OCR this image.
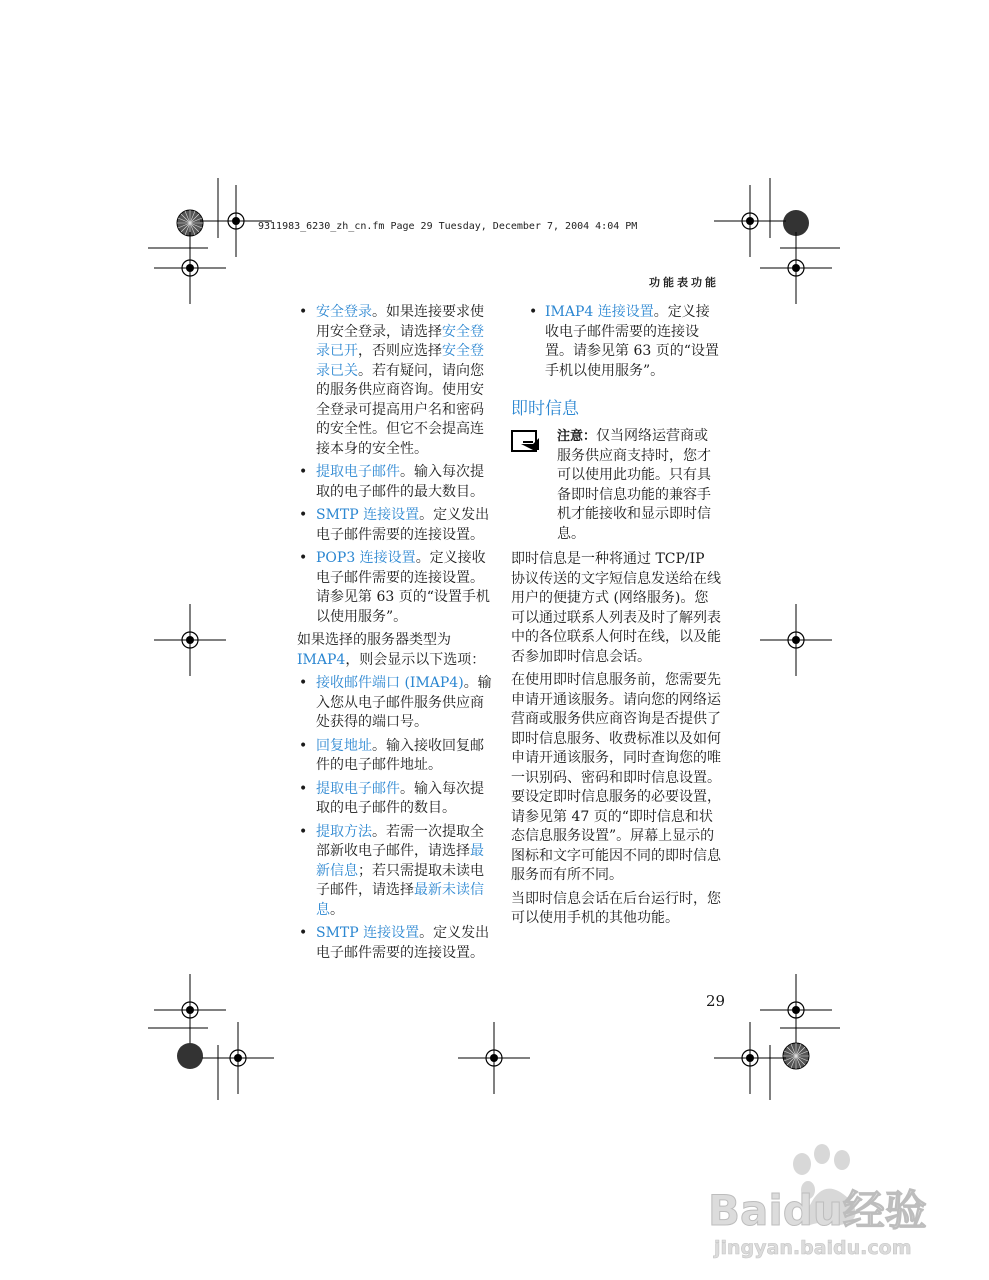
9311983_6230_zh_cn.fm Page 29 Tuesday, December 7, 2004 4:04 PM
功能表功能
• 安全登录。如果连接要求使用安全登录，请选择安全登录已开，否则应选择安全登录已关。若有疑问，请向您的服务供应商咨询。使用安全登录可提高用户名和密码的安全性。但它不会提高连接本身的安全性。
• 提取电子邮件。输入每次提取的电子邮件的最大数目。
• SMTP 连接设置。定义发出电子邮件需要的连接设置。
• POP3 连接设置。定义接收电子邮件需要的连接设置。请参见第 63 页的“设置手机以使用服务”。

如果选择的服务器类型为IMAP4，则会显示以下选项：

• 接收邮件端口 (IMAP4)。输入您从电子邮件服务供应商处获得的端口号。
• 回复地址。输入接收回复邮件的电子邮件地址。
• 提取电子邮件。输入每次提取的电子邮件的数目。
• 提取方法。若需一次提取全部新收电子邮件，请选择最新信息；若只需提取未读电子邮件，请选择最新未读信息。
• SMTP 连接设置。定义发出电子邮件需要的连接设置。
• IMAP4 连接设置。定义接收电子邮件需要的连接设置。请参见第 63 页的“设置手机以使用服务”。
即时信息
注意：仅当网络运营商或服务供应商支持时，您才可以使用此功能。只有具备即时信息功能的兼容手机才能接收和显示即时信息。

即时信息是一种将通过 TCP/IP 协议传送的文字短信息发送给在线用户的便捷方式 (网络服务)。您可以通过联系人列表及时了解列表中的各位联系人何时在线，以及能否参加即时信息会话。

在使用即时信息服务前，您需要先申请开通该服务。请向您的网络运营商或服务供应商咨询是否提供了即时信息服务、收费标准以及如何申请开通该服务，同时查询您的唯一识别码、密码和即时信息设置。要设定即时信息服务的必要设置，请参见第 47 页的“即时信息和状态信息服务设置”。屏幕上显示的图标和文字可能因不同的即时信息服务而有所不同。

当即时信息会话在后台运行时，您可以使用手机的其他功能。

29
Baidu经验
jingyan.baidu.com
